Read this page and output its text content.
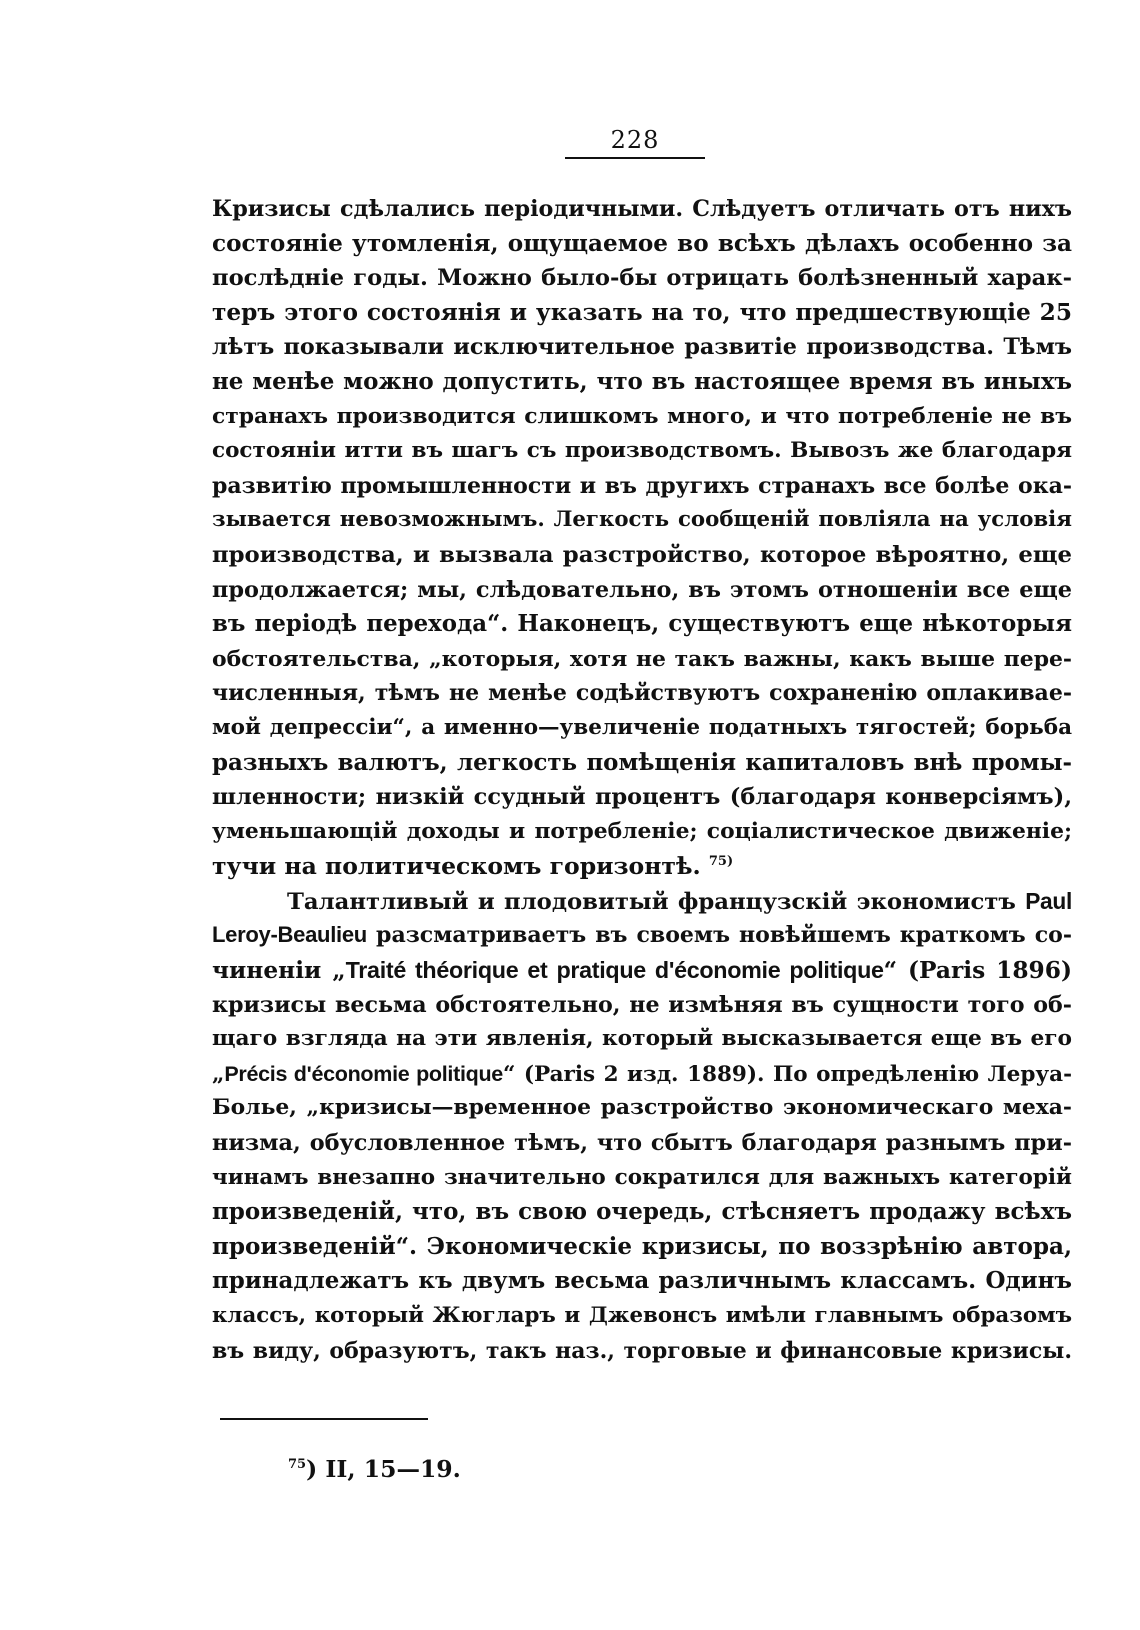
228
Кризисы сдѣлались періодичными. Слѣдуетъ отличать отъ нихъ
состояніе утомленія, ощущаемое во всѣхъ дѣлахъ особенно за
послѣдніе годы. Можно было-бы отрицать болѣзненный харак-
теръ этого состоянія и указать на то, что предшествующіе 25
лѣтъ показывали исключительное развитіе производства. Тѣмъ
не менѣе можно допустить, что въ настоящее время въ иныхъ
странахъ производится слишкомъ много, и что потребленіе не въ
состояніи итти въ шагъ съ производствомъ. Вывозъ же благодаря
развитію промышленности и въ другихъ странахъ все болѣе ока-
зывается невозможнымъ. Легкость сообщеній повліяла на условія
производства, и вызвала разстройство, которое вѣроятно, еще
продолжается; мы, слѣдовательно, въ этомъ отношеніи все еще
въ періодѣ перехода“. Наконецъ, существуютъ еще нѣкоторыя
обстоятельства, „которыя, хотя не такъ важны, какъ выше пере-
численныя, тѣмъ не менѣе содѣйствуютъ сохраненію оплакивае-
мой депрессіи“, а именно—увеличеніе податныхъ тягостей; борьба
разныхъ валютъ, легкость помѣщенія капиталовъ внѣ промы-
шленности; низкій ссудный процентъ (благодаря конверсіямъ),
уменьшающій доходы и потребленіе; соціалистическое движеніе;
тучи на политическомъ горизонтѣ. $^{75)}$
Талантливый и плодовитый французскій экономистъ Paul
Leroy-Beaulieu разсматриваетъ въ своемъ новѣйшемъ краткомъ со-
чиненіи „Traité théorique et pratique d'économie politique“ (Paris 1896)
кризисы весьма обстоятельно, не измѣняя въ сущности того об-
щаго взгляда на эти явленія, который высказывается еще въ его
„Précis d'économie politique“ (Paris 2 изд. 1889). По опредѣленію Леруа-
Болье, „кризисы—временное разстройство экономическаго меха-
низма, обусловленное тѣмъ, что сбытъ благодаря разнымъ при-
чинамъ внезапно значительно сократился для важныхъ категорій
произведеній, что, въ свою очередь, стѣсняетъ продажу всѣхъ
произведеній“. Экономическіе кризисы, по воззрѣнію автора,
принадлежатъ къ двумъ весьма различнымъ классамъ. Одинъ
классъ, который Жюгларъ и Джевонсъ имѣли главнымъ образомъ
въ виду, образуютъ, такъ наз., торговые и финансовые кризисы.
$^{75}$) II, 15—19.
